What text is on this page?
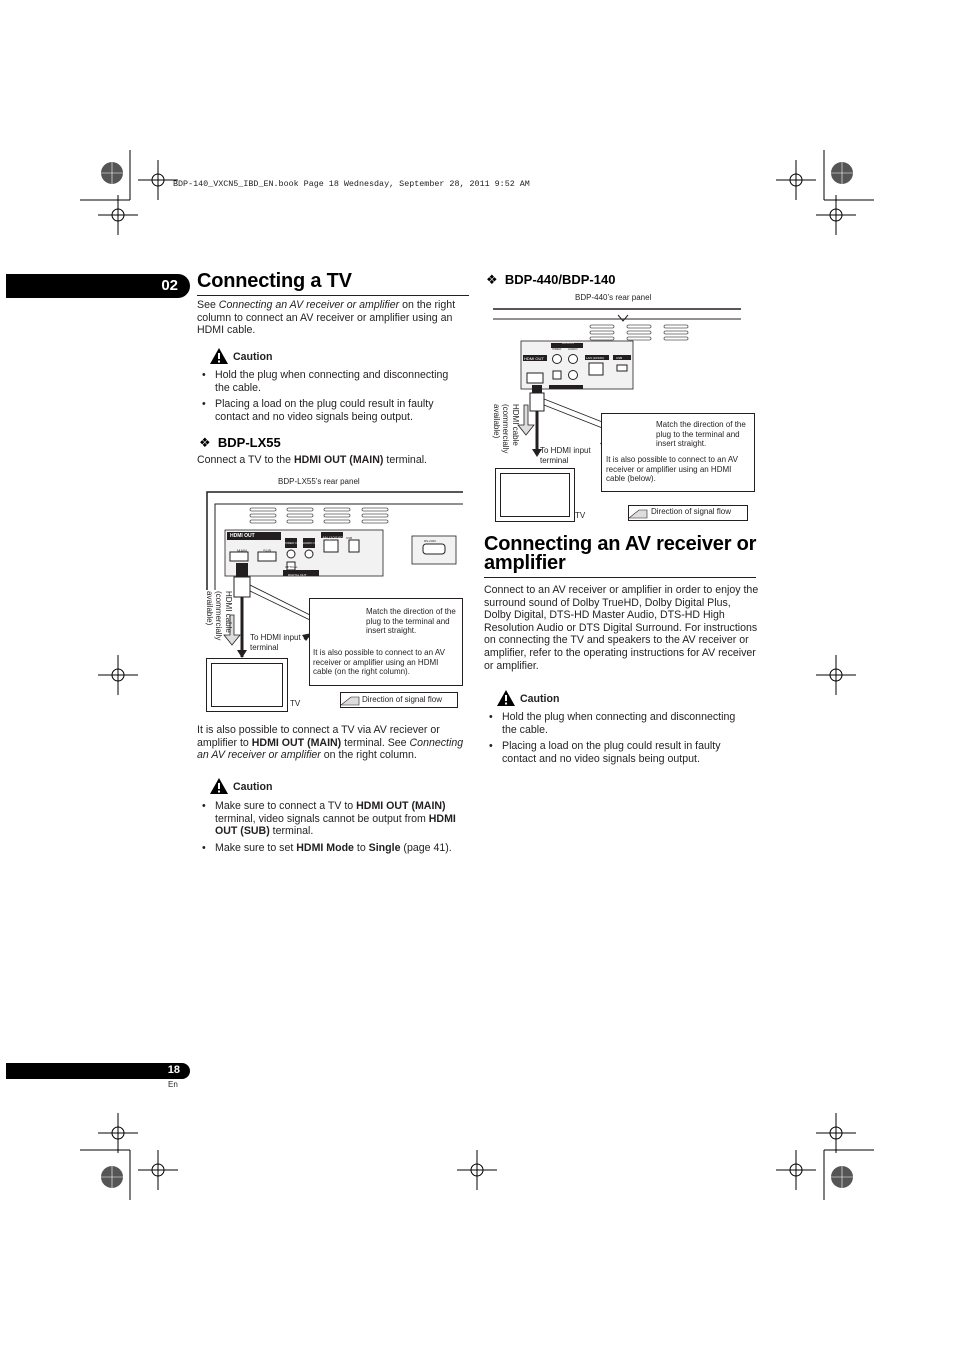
BDP-140_VXCN5_IBD_EN.book Page 18 Wednesday, September 28, 2011 9:52 AM
02 Connecting a TV
See Connecting an AV receiver or amplifier on the right column to connect an AV receiver or amplifier using an HDMI cable.
Caution
• Hold the plug when connecting and disconnecting the cable.
• Placing a load on the plug could result in faulty contact and no video signals being output.
❖ BDP-LX55
Connect a TV to the HDMI OUT (MAIN) terminal.
BDP-LX55’s rear panel
HDMI OUT
MAIN	SUB
LAN (10/100)
VIDEO OUT AUDIO OUT
OPTICAL
DIGITAL OUT
USB
RS-232C
Match the direction of the plug to the terminal and insert straight.
It is also possible to connect to an AV receiver or amplifier using an HDMI cable (on the right column).
HDMI cable (commercially available)
To HDMI input terminal
TV	Direction of signal flow
It is also possible to connect a TV via AV reciever or amplifier to HDMI OUT (MAIN) terminal. See Connecting an AV receiver or amplifier on the right column.
Caution
• Make sure to connect a TV to HDMI OUT (MAIN) terminal, video signals cannot be output from HDMI OUT (SUB) terminal.
• Make sure to set HDMI Mode to Single (page 41).
❖ BDP-440/BDP-140
BDP-440’s rear panel
HDMI OUT
OUTPUT
VIDEO AUDIO
LAN (10/100)	USB
Match the direction of the plug to the terminal and insert straight.
It is also possible to connect to an AV receiver or amplifier using an HDMI cable (below).
HDMI cable (commercially available)
To HDMI input terminal
TV	Direction of signal flow
Connecting an AV receiver or amplifier
Connect to an AV receiver or amplifier in order to enjoy the surround sound of Dolby TrueHD, Dolby Digital Plus, Dolby Digital, DTS-HD Master Audio, DTS-HD High Resolution Audio or DTS Digital Surround. For instructions on connecting the TV and speakers to the AV receiver or amplifier, refer to the operating instructions for AV receiver or amplifier.
Caution
• Hold the plug when connecting and disconnecting the cable.
• Placing a load on the plug could result in faulty contact and no video signals being output.
18
En
